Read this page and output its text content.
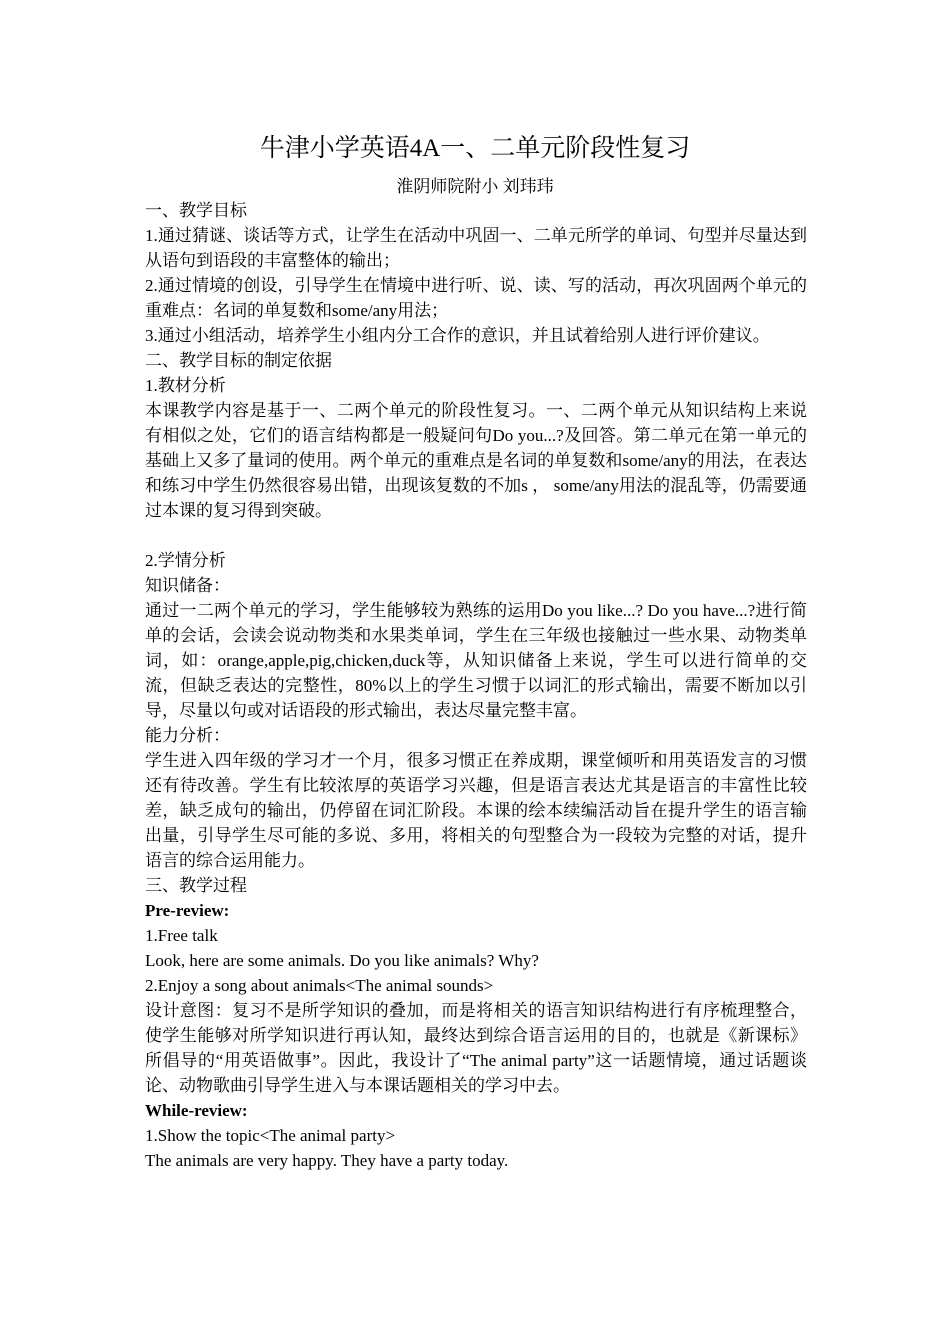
牛津小学英语4A一、二单元阶段性复习
淮阴师院附小 刘玮玮

一、教学目标

1.通过猜谜、谈话等方式，让学生在活动中巩固一、二单元所学的单词、句型并尽量达到从语句到语段的丰富整体的输出；

2.通过情境的创设，引导学生在情境中进行听、说、读、写的活动，再次巩固两个单元的重难点：名词的单复数和some/any用法；

3.通过小组活动，培养学生小组内分工合作的意识，并且试着给别人进行评价建议。

二、教学目标的制定依据

1.教材分析

本课教学内容是基于一、二两个单元的阶段性复习。一、二两个单元从知识结构上来说有相似之处，它们的语言结构都是一般疑问句Do you...?及回答。第二单元在第一单元的基础上又多了量词的使用。两个单元的重难点是名词的单复数和some/any的用法，在表达和练习中学生仍然很容易出错，出现该复数的不加s ， some/any用法的混乱等，仍需要通过本课的复习得到突破。

2.学情分析

知识储备：

通过一二两个单元的学习，学生能够较为熟练的运用Do you like...? Do you have...?进行简单的会话，会读会说动物类和水果类单词，学生在三年级也接触过一些水果、动物类单词，如：orange,apple,pig,chicken,duck等，从知识储备上来说，学生可以进行简单的交流，但缺乏表达的完整性，80%以上的学生习惯于以词汇的形式输出，需要不断加以引导，尽量以句或对话语段的形式输出，表达尽量完整丰富。

能力分析：

学生进入四年级的学习才一个月，很多习惯正在养成期，课堂倾听和用英语发言的习惯还有待改善。学生有比较浓厚的英语学习兴趣，但是语言表达尤其是语言的丰富性比较差，缺乏成句的输出，仍停留在词汇阶段。本课的绘本续编活动旨在提升学生的语言输出量，引导学生尽可能的多说、多用，将相关的句型整合为一段较为完整的对话，提升语言的综合运用能力。

三、教学过程

Pre-review:

1.Free talk

Look, here are some animals. Do you like animals? Why?

2.Enjoy a song about animals<The animal sounds>

设计意图：复习不是所学知识的叠加，而是将相关的语言知识结构进行有序梳理整合，使学生能够对所学知识进行再认知，最终达到综合语言运用的目的，也就是《新课标》所倡导的“用英语做事”。因此，我设计了“The animal party”这一话题情境，通过话题谈论、动物歌曲引导学生进入与本课话题相关的学习中去。

While-review:

1.Show the topic<The animal party>

The animals are very happy. They have a party today.
